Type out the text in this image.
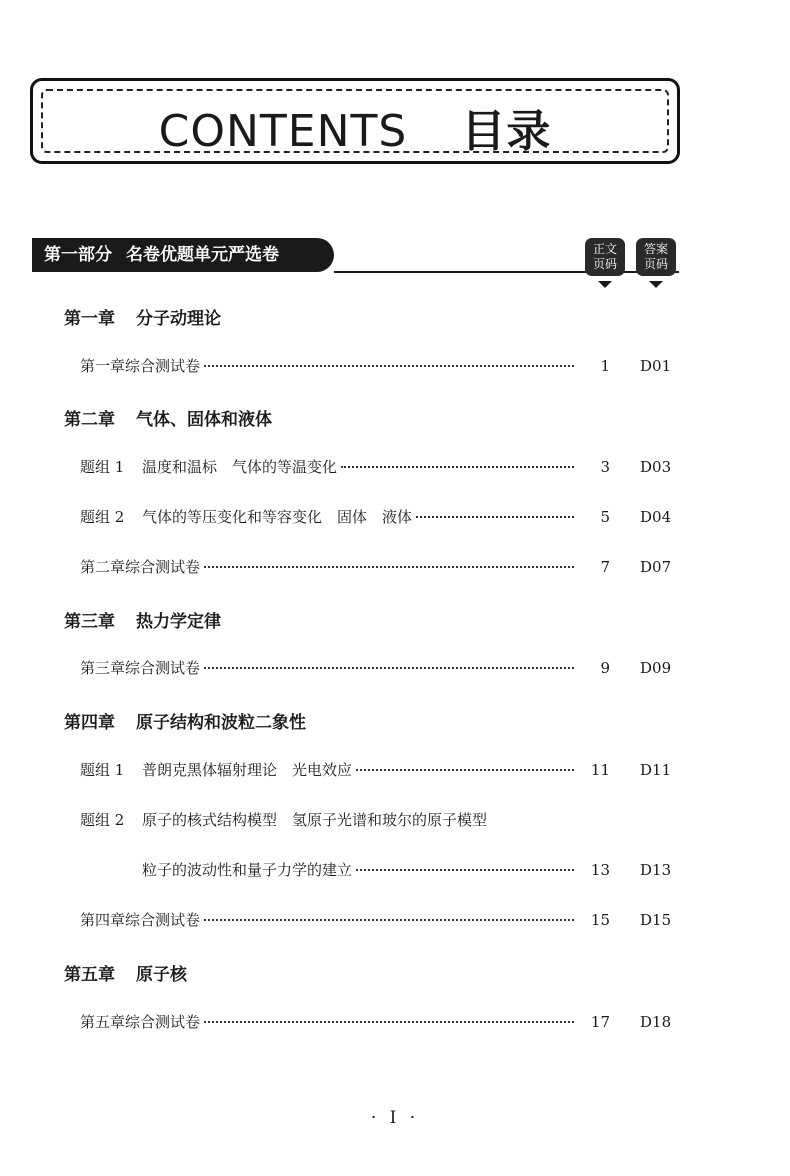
CONTENTS 目录
第一部分 名卷优题单元严选卷	正文
页码
答案
页码
第一章 分子动理论
第一章综合测试卷	1 D01
第二章 气体、固体和液体
题组 1 温度和温标　气体的等温变化	3 D03
题组 2 气体的等压变化和等容变化　固体　液体	5 D04
第二章综合测试卷	7 D07
第三章 热力学定律
第三章综合测试卷	9 D09
第四章 原子结构和波粒二象性
题组 1 普朗克黑体辐射理论　光电效应	11 D11
题组 2 原子的核式结构模型　氢原子光谱和玻尔的原子模型
粒子的波动性和量子力学的建立	13 D13
第四章综合测试卷	15 D15
第五章 原子核
第五章综合测试卷	17 D18
· I ·
